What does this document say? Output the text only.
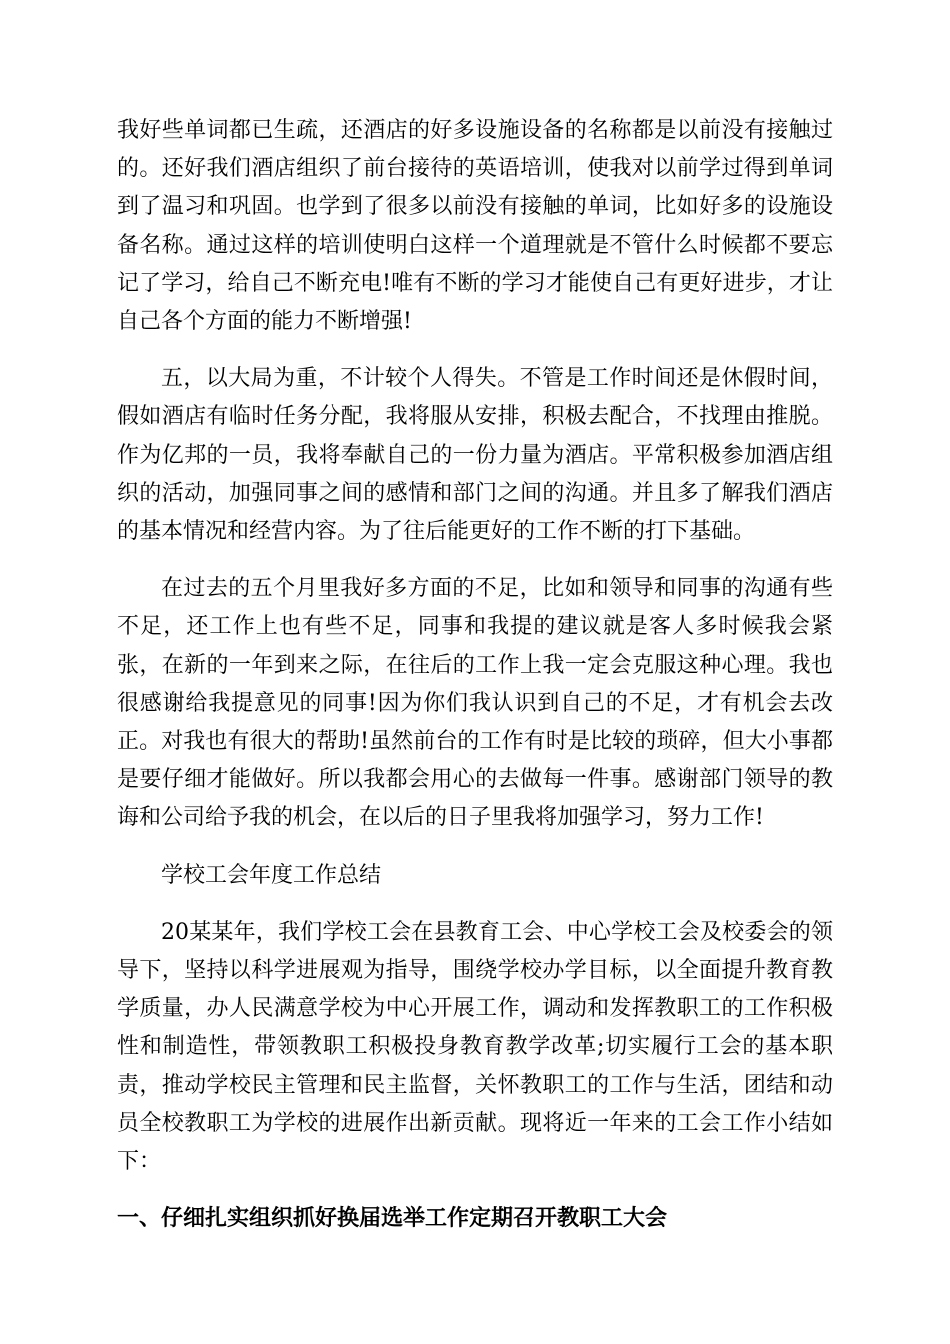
我好些单词都已生疏，还酒店的好多设施设备的名称都是以前没有接触过的。还好我们酒店组织了前台接待的英语培训，使我对以前学过得到单词到了温习和巩固。也学到了很多以前没有接触的单词，比如好多的设施设备名称。通过这样的培训使明白这样一个道理就是不管什么时候都不要忘记了学习，给自己不断充电!唯有不断的学习才能使自己有更好进步，才让自己各个方面的能力不断增强!

五，以大局为重，不计较个人得失。不管是工作时间还是休假时间，假如酒店有临时任务分配，我将服从安排，积极去配合，不找理由推脱。作为亿邦的一员，我将奉献自己的一份力量为酒店。平常积极参加酒店组织的活动，加强同事之间的感情和部门之间的沟通。并且多了解我们酒店的基本情况和经营内容。为了往后能更好的工作不断的打下基础。

在过去的五个月里我好多方面的不足，比如和领导和同事的沟通有些不足，还工作上也有些不足，同事和我提的建议就是客人多时候我会紧张，在新的一年到来之际，在往后的工作上我一定会克服这种心理。我也很感谢给我提意见的同事!因为你们我认识到自己的不足，才有机会去改正。对我也有很大的帮助!虽然前台的工作有时是比较的琐碎，但大小事都是要仔细才能做好。所以我都会用心的去做每一件事。感谢部门领导的教诲和公司给予我的机会，在以后的日子里我将加强学习，努力工作!

学校工会年度工作总结

20某某年，我们学校工会在县教育工会、中心学校工会及校委会的领导下，坚持以科学进展观为指导，围绕学校办学目标，以全面提升教育教学质量，办人民满意学校为中心开展工作，调动和发挥教职工的工作积极性和制造性，带领教职工积极投身教育教学改革;切实履行工会的基本职责，推动学校民主管理和民主监督，关怀教职工的工作与生活，团结和动员全校教职工为学校的进展作出新贡献。现将近一年来的工会工作小结如下：

一、仔细扎实组织抓好换届选举工作定期召开教职工大会
